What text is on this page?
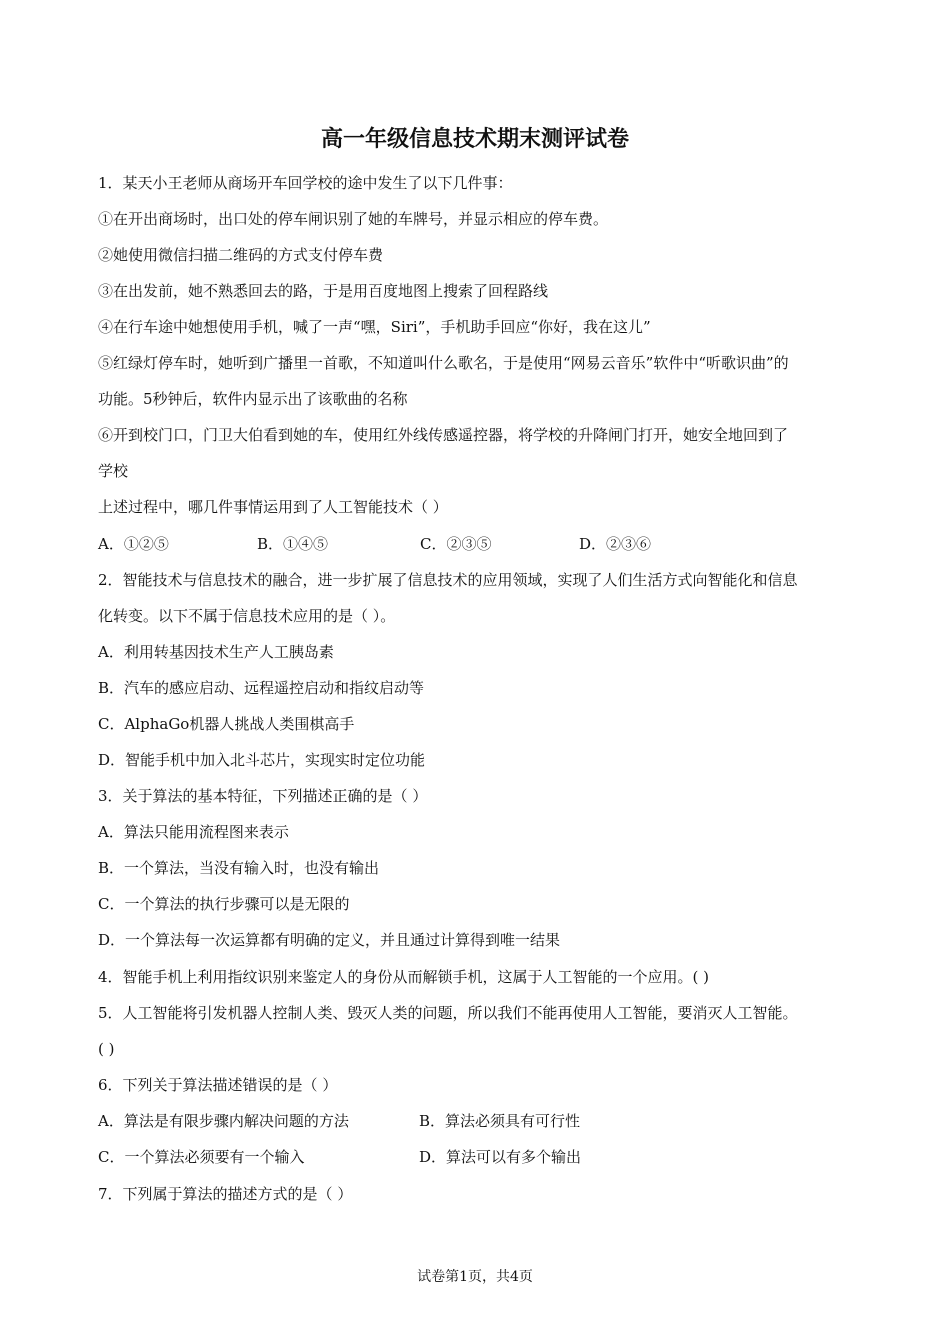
高一年级信息技术期末测评试卷
1．某天小王老师从商场开车回学校的途中发生了以下几件事：
①在开出商场时，出口处的停车闸识别了她的车牌号，并显示相应的停车费。
②她使用微信扫描二维码的方式支付停车费
③在出发前，她不熟悉回去的路，于是用百度地图上搜索了回程路线
④在行车途中她想使用手机，喊了一声“嘿，Siri”，手机助手回应“你好，我在这儿”
⑤红绿灯停车时，她听到广播里一首歌，不知道叫什么歌名，于是使用“网易云音乐”软件中“听歌识曲”的
功能。5秒钟后，软件内显示出了该歌曲的名称
⑥开到校门口，门卫大伯看到她的车，使用红外线传感遥控器，将学校的升降闸门打开，她安全地回到了
学校
上述过程中，哪几件事情运用到了人工智能技术（ ）
A．①②⑤	B．①④⑤	C．②③⑤	D．②③⑥
2．智能技术与信息技术的融合，进一步扩展了信息技术的应用领域，实现了人们生活方式向智能化和信息
化转变。以下不属于信息技术应用的是（ ）。
A．利用转基因技术生产人工胰岛素
B．汽车的感应启动、远程遥控启动和指纹启动等
C．AlphaGo机器人挑战人类围棋高手
D．智能手机中加入北斗芯片，实现实时定位功能
3．关于算法的基本特征，下列描述正确的是（ ）
A．算法只能用流程图来表示
B．一个算法，当没有输入时，也没有输出
C．一个算法的执行步骤可以是无限的
D．一个算法每一次运算都有明确的定义，并且通过计算得到唯一结果
4．智能手机上利用指纹识别来鉴定人的身份从而解锁手机，这属于人工智能的一个应用。( )
5．人工智能将引发机器人控制人类、毁灭人类的问题，所以我们不能再使用人工智能，要消灭人工智能。
( )
6．下列关于算法描述错误的是（ ）
A．算法是有限步骤内解决问题的方法	B．算法必须具有可行性
C．一个算法必须要有一个输入	D．算法可以有多个输出
7．下列属于算法的描述方式的是（ ）
试卷第1页，共4页
